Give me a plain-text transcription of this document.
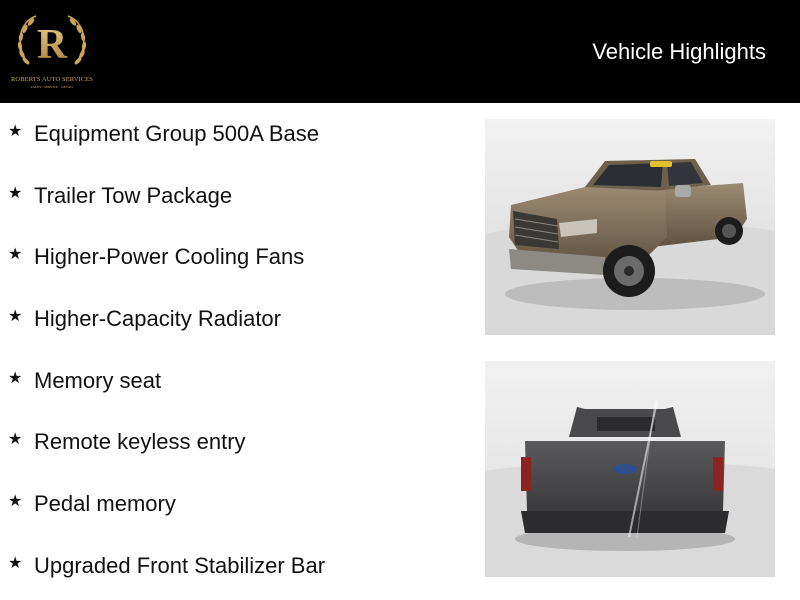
R
ROBERTS AUTO SERVICES
SALES · SERVICE · DETAIL
Vehicle Highlights
★ Equipment Group 500A Base
★ Trailer Tow Package
★ Higher-Power Cooling Fans
★ Higher-Capacity Radiator
★ Memory seat
★ Remote keyless entry
★ Pedal memory
★ Upgraded Front Stabilizer Bar
